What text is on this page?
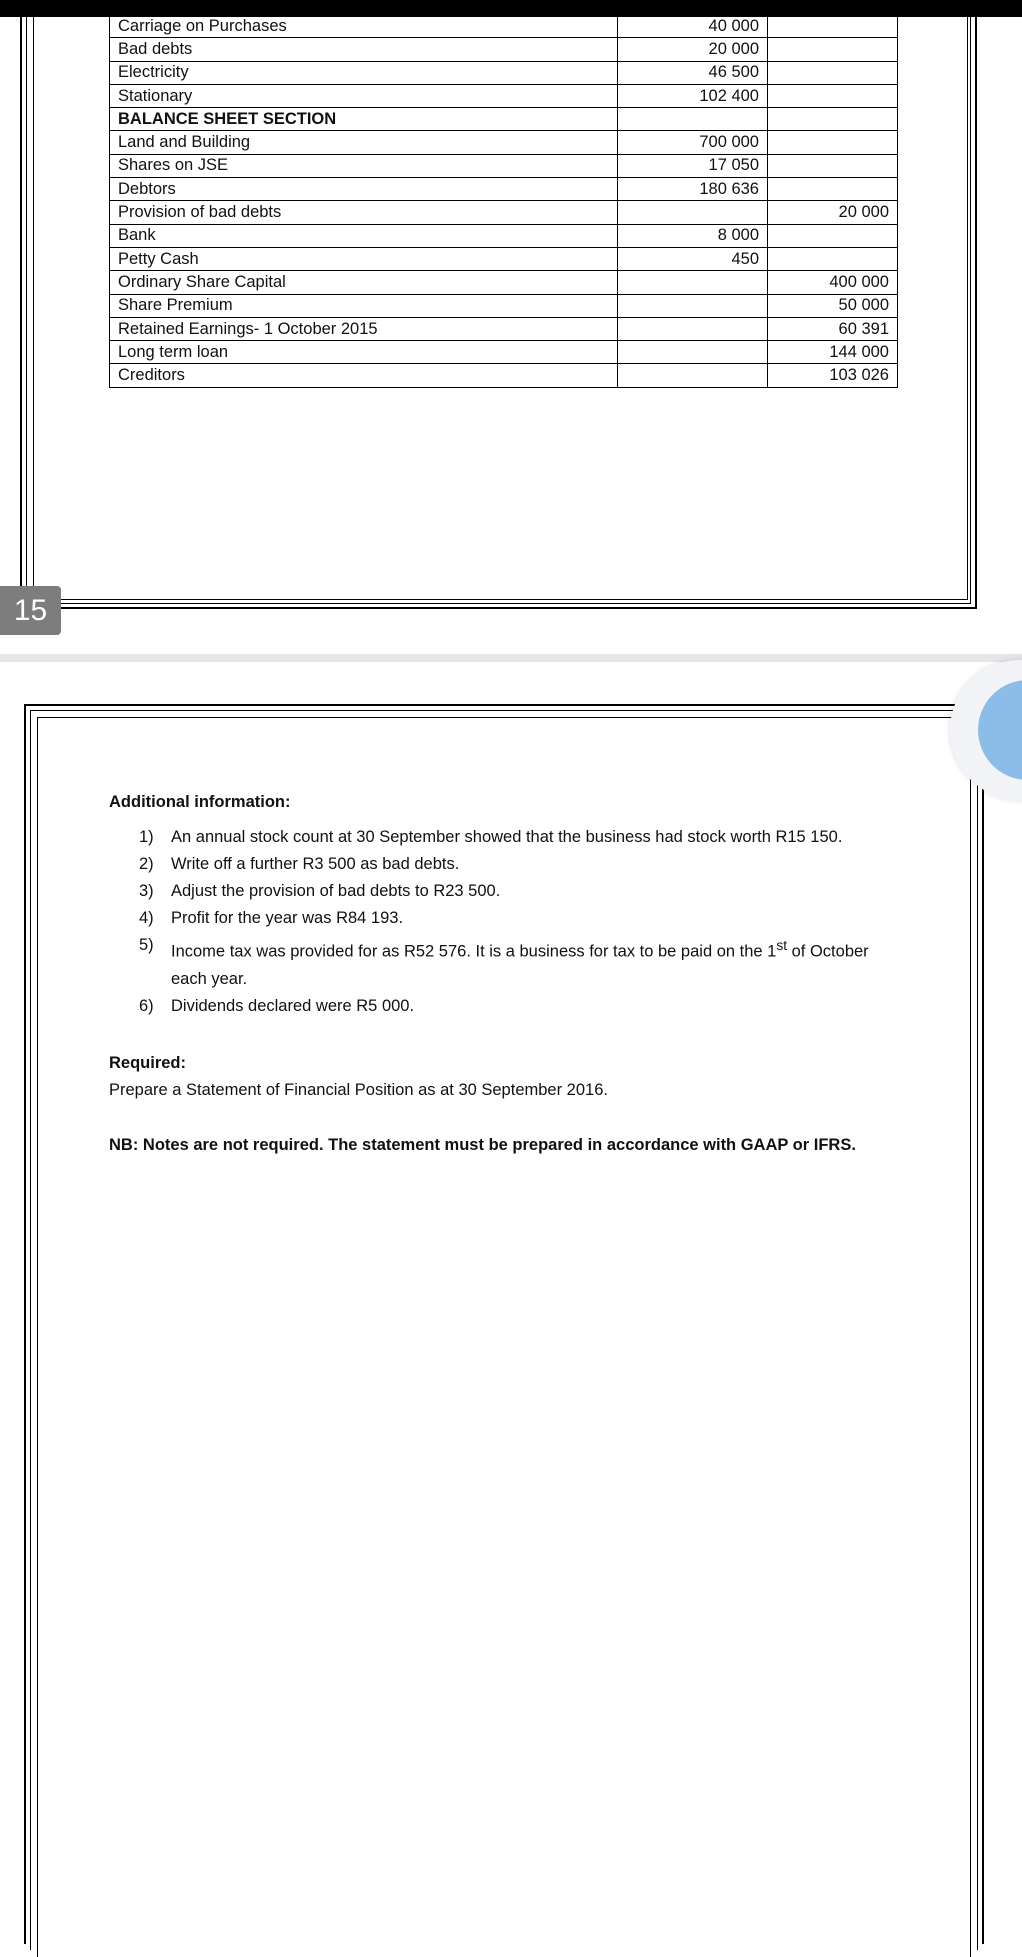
Carriage on Purchases	40 000	
Bad debts	20 000	
Electricity	46 500	
Stationary	102 400	
BALANCE SHEET SECTION		
Land and Building	700 000	
Shares on JSE	17 050	
Debtors	180 636	
Provision of bad debts		20 000
Bank	8 000	
Petty Cash	450	
Ordinary Share Capital		400 000
Share Premium		50 000
Retained Earnings- 1 October 2015		60 391
Long term loan		144 000
Creditors		103 026
15

Additional information:

1) An annual stock count at 30 September showed that the business had stock worth R15 150.
2) Write off a further R3 500 as bad debts.
3) Adjust the provision of bad debts to R23 500.
4) Profit for the year was R84 193.
5) Income tax was provided for as R52 576. It is a business for tax to be paid on the 1st of October each year.
6) Dividends declared were R5 000.

Required:

Prepare a Statement of Financial Position as at 30 September 2016.

NB: Notes are not required. The statement must be prepared in accordance with GAAP or IFRS.
